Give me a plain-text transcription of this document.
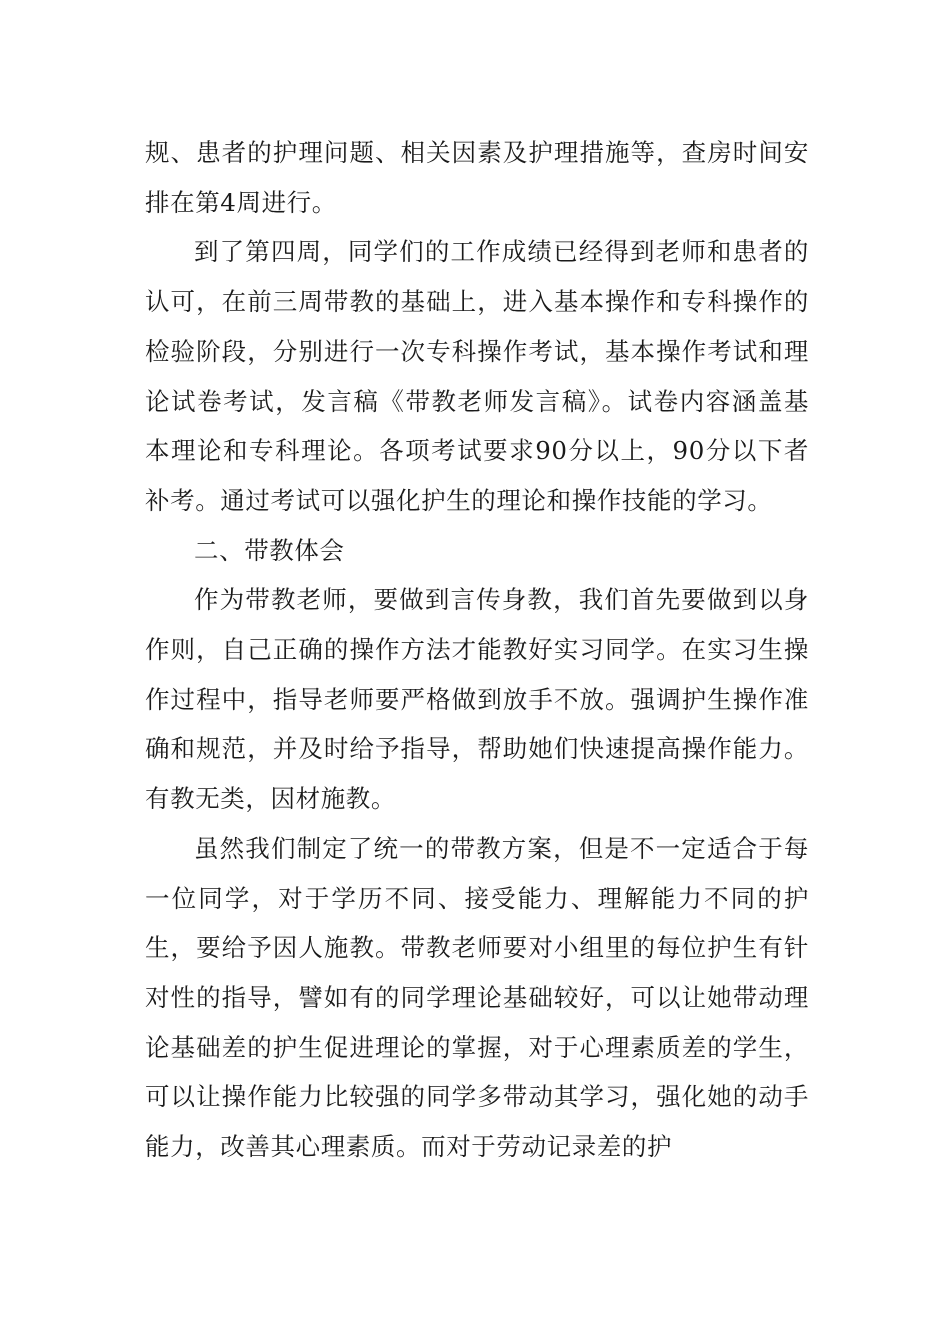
规、患者的护理问题、相关因素及护理措施等，查房时间安排在第4周进行。

到了第四周，同学们的工作成绩已经得到老师和患者的认可，在前三周带教的基础上，进入基本操作和专科操作的检验阶段，分别进行一次专科操作考试，基本操作考试和理论试卷考试，发言稿《带教老师发言稿》。试卷内容涵盖基本理论和专科理论。各项考试要求90分以上，90分以下者补考。通过考试可以强化护生的理论和操作技能的学习。

二、带教体会

作为带教老师，要做到言传身教，我们首先要做到以身作则，自己正确的操作方法才能教好实习同学。在实习生操作过程中，指导老师要严格做到放手不放。强调护生操作准确和规范，并及时给予指导，帮助她们快速提高操作能力。有教无类，因材施教。

虽然我们制定了统一的带教方案，但是不一定适合于每一位同学，对于学历不同、接受能力、理解能力不同的护生，要给予因人施教。带教老师要对小组里的每位护生有针对性的指导，譬如有的同学理论基础较好，可以让她带动理论基础差的护生促进理论的掌握，对于心理素质差的学生，可以让操作能力比较强的同学多带动其学习，强化她的动手能力，改善其心理素质。而对于劳动记录差的护
